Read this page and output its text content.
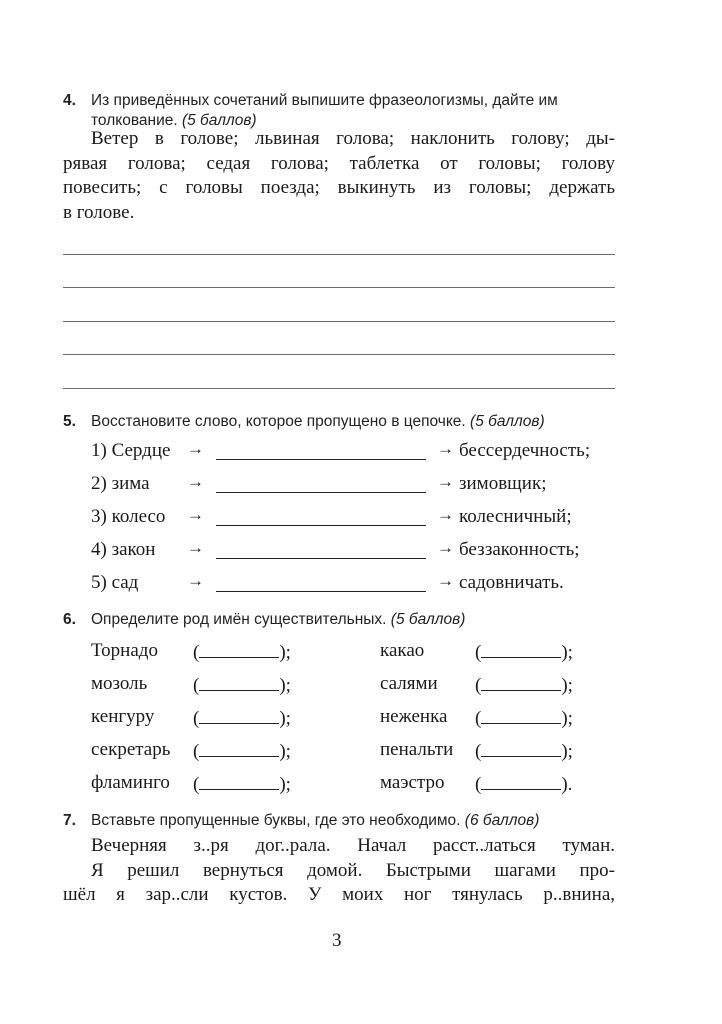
4. Из приведённых сочетаний выпишите фразеологизмы, дайте им
толкование. (5 баллов)
Ветер в голове; львиная голова; наклонить голову; ды-
рявая голова; седая голова; таблетка от головы; голову
повесить; с головы поезда; выкинуть из головы; держать
в голове.
5. Восстановите слово, которое пропущено в цепочке. (5 баллов)
1) Сердце →	→ бессердечность;
2) зима →	→ зимовщик;
3) колесо →	→ колесничный;
4) закон →	→ беззаконность;
5) сад	→	→ садовничать.
6. Определите род имён существительных. (5 баллов)
Торнадо (	);	какао	(	);
мозоль (	);	салями (	);
кенгуру (	);	неженка (	);
секретарь (	);	пенальти (	);
фламинго (	);	маэстро (	).
7. Вставьте пропущенные буквы, где это необходимо. (6 баллов)
Вечерняя з..ря дог..рала. Начал расст..латься туман.
Я решил вернуться домой. Быстрыми шагами про-
шёл я зар..сли кустов. У моих ног тянулась р..внина,
3
